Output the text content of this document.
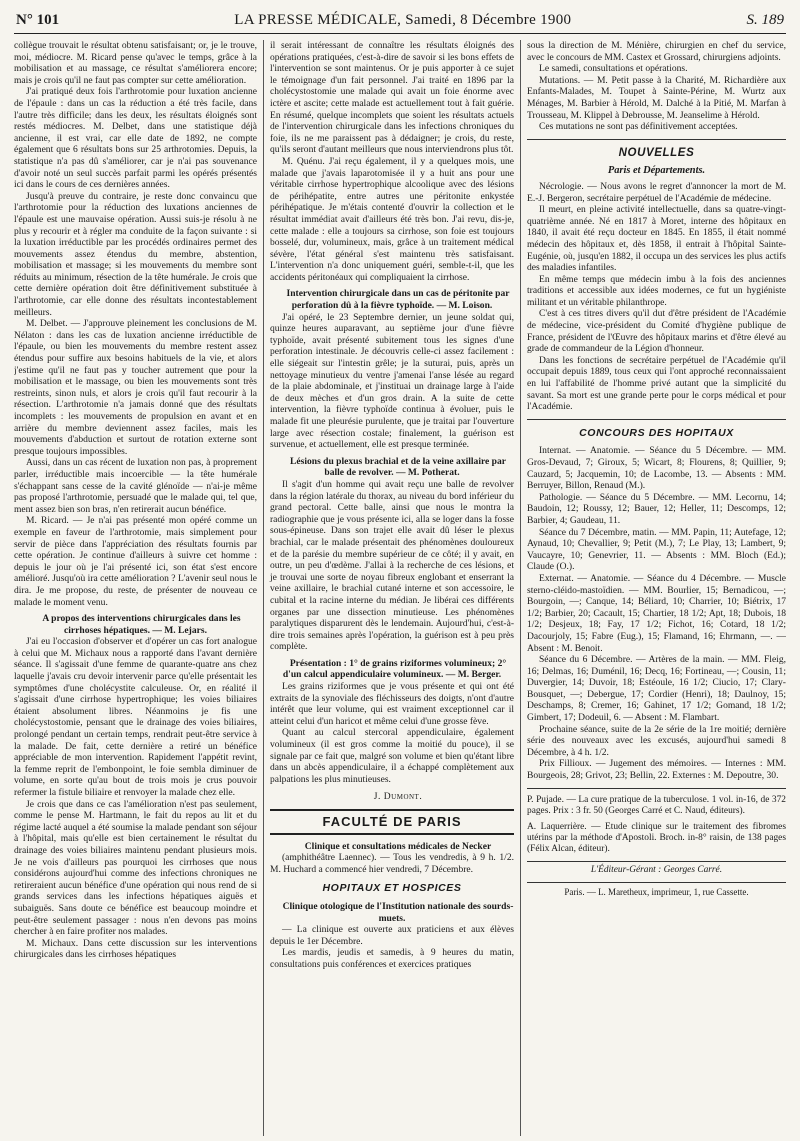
N° 101	LA PRESSE MÉDICALE, Samedi, 8 Décembre 1900	S. 189

collègue trouvait le résultat obtenu satisfaisant; or, je le trouve, moi, médiocre. M. Ricard pense qu'avec le temps, grâce à la mobilisation et au massage, ce résultat s'améliorera encore; mais je crois qu'il ne faut pas compter sur cette amélioration.

J'ai pratiqué deux fois l'arthrotomie pour luxation ancienne de l'épaule : dans un cas la réduction a été très facile, dans l'autre très difficile; dans les deux, les résultats éloignés sont restés médiocres. M. Delbet, dans une statistique déjà ancienne, il est vrai, car elle date de 1892, ne compte également que 6 résultats bons sur 25 arthrotomies. Depuis, la statistique n'a pas dû s'améliorer, car je n'ai pas souvenance d'avoir noté un seul succès parfait parmi les opérés présentés ici dans le cours de ces dernières années.

Jusqu'à preuve du contraire, je reste donc convaincu que l'arthrotomie pour la réduction des luxations anciennes de l'épaule est une mauvaise opération. Aussi suis-je résolu à ne plus y recourir et à régler ma conduite de la façon suivante : si la luxation irréductible par les procédés ordinaires permet des mouvements assez étendus du membre, abstention, mobilisation et massage; si les mouvements du membre sont réduits au minimum, résection de la tête humérale. Je crois que cette dernière opération doit être définitivement substituée à l'arthrotomie, car elle donne des résultats incontestablement meilleurs.

M. Delbet. — J'approuve pleinement les conclusions de M. Nélaton : dans les cas de luxation ancienne irréductible de l'épaule, ou bien les mouvements du membre restent assez étendus pour suffire aux besoins habituels de la vie, et alors j'estime qu'il ne faut pas y toucher autrement que pour la mobilisation et le massage, ou bien les mouvements sont très restreints, sinon nuls, et alors je crois qu'il faut recourir à la résection. L'arthrotomie n'a jamais donné que des résultats incomplets : les mouvements de propulsion en avant et en arrière du membre deviennent assez faciles, mais les mouvements d'abduction et surtout de rotation externe sont presque toujours impossibles.

Aussi, dans un cas récent de luxation non pas, à proprement parler, irréductible mais incoercible — la tête humérale s'échappant sans cesse de la cavité glénoïde — n'ai-je même pas proposé l'arthrotomie, persuadé que le malade qui, tel que, ment assez bien son bras, n'en retirerait aucun bénéfice.

M. Ricard. — Je n'ai pas présenté mon opéré comme un exemple en faveur de l'arthrotomie, mais simplement pour servir de pièce dans l'appréciation des résultats fournis par cette opération. Je continue d'ailleurs à suivre cet homme : depuis le jour où je l'ai présenté ici, son état s'est encore amélioré. Jusqu'où ira cette amélioration ? L'avenir seul nous le dira. Je me propose, du reste, de présenter de nouveau ce malade le moment venu.

A propos des interventions chirurgicales dans les cirrhoses hépatiques. — M. Lejars.

J'ai eu l'occasion d'observer et d'opérer un cas fort analogue à celui que M. Michaux nous a rapporté dans l'avant dernière séance. Il s'agissait d'une femme de quarante-quatre ans chez laquelle j'avais cru devoir intervenir parce qu'elle présentait les symptômes d'une cholécystite calculeuse. Or, en réalité il s'agissait d'une cirrhose hypertrophique; les voies biliaires étaient absolument libres. Néanmoins je fis une cholécystostomie, pensant que le drainage des voies biliaires, prolongé pendant un certain temps, rendrait peut-être service à la malade. De fait, cette dernière a retiré un bénéfice appréciable de mon intervention. Rapidement l'appétit revint, la femme reprit de l'embonpoint, le foie sembla diminuer de volume, en sorte qu'au bout de trois mois je crus pouvoir refermer la fistule biliaire et renvoyer la malade chez elle.

Je crois que dans ce cas l'amélioration n'est pas seulement, comme le pense M. Hartmann, le fait du repos au lit et du régime lacté auquel a été soumise la malade pendant son séjour à l'hôpital, mais qu'elle est bien certainement le résultat du drainage des voies biliaires maintenu pendant plusieurs mois. Je ne vois d'ailleurs pas pourquoi les cirrhoses que nous considérons aujourd'hui comme des infections chroniques ne retireraient aucun bénéfice d'une opération qui nous rend de si grands services dans les infections hépatiques aiguës et subaiguës. Sans doute ce bénéfice est beaucoup moindre et peut-être seulement passager : nous n'en devons pas moins chercher à en faire profiter nos malades.

M. Michaux. Dans cette discussion sur les interventions chirurgicales dans les cirrhoses hépatiques

il serait intéressant de connaître les résultats éloignés des opérations pratiquées, c'est-à-dire de savoir si les bons effets de l'intervention se sont maintenus. Or je puis apporter à ce sujet le témoignage d'un fait personnel. J'ai traité en 1896 par la cholécystostomie une malade qui avait un foie énorme avec ictère et ascite; cette malade est actuellement tout à fait guérie. En résumé, quelque incomplets que soient les résultats actuels de l'intervention chirurgicale dans les infections chroniques du foie, ils ne me paraissent pas à dédaigner; je crois, du reste, qu'ils seront d'autant meilleurs que nous interviendrons plus tôt.

M. Quénu. J'ai reçu également, il y a quelques mois, une malade que j'avais laparotomisée il y a huit ans pour une véritable cirrhose hypertrophique alcoolique avec des lésions de périhépatite, entre autres une péritonite enkystée périhépatique. Je m'étais contenté d'ouvrir la collection et le résultat immédiat avait d'ailleurs été très bon. J'ai revu, dis-je, cette malade : elle a toujours sa cirrhose, son foie est toujours bosselé, dur, volumineux, mais, grâce à un traitement médical sévère, l'état général s'est maintenu très satisfaisant. L'intervention n'a donc uniquement guéri, semble-t-il, que les accidents péritonéaux qui compliquaient la cirrhose.

Intervention chirurgicale dans un cas de péritonite par perforation dû à la fièvre typhoïde. — M. Loison.

J'ai opéré, le 23 Septembre dernier, un jeune soldat qui, quinze heures auparavant, au septième jour d'une fièvre typhoïde, avait présenté subitement tous les signes d'une perforation intestinale. Je découvris celle-ci assez facilement : elle siégeait sur l'intestin grêle; je la suturai, puis, après un nettoyage minutieux du ventre j'amenai l'anse lésée au regard de la plaie abdominale, et j'instituai un drainage large à l'aide de deux mèches et d'un gros drain. A la suite de cette intervention, la fièvre typhoïde continua à évoluer, puis le malade fit une pleurésie purulente, que je traitai par l'ouverture large avec résection costale; finalement, la guérison est survenue, et actuellement, elle est presque terminée.

Lésions du plexus brachial et de la veine axillaire par balle de revolver. — M. Potherat.

Il s'agit d'un homme qui avait reçu une balle de revolver dans la région latérale du thorax, au niveau du bord inférieur du grand pectoral. Cette balle, ainsi que nous le montra la radiographie que je vous présente ici, alla se loger dans la fosse sous-épineuse. Dans son trajet elle avait dû léser le plexus brachial, car le malade présentait des phénomènes douloureux et de la parésie du membre supérieur de ce côté; il y avait, en outre, un peu d'œdème. J'allai à la recherche de ces lésions, et je trouvai une sorte de noyau fibreux englobant et enserrant la veine axillaire, le brachial cutané interne et son accessoire, le cubital et la racine interne du médian. Je libérai ces différents organes par une dissection minutieuse. Les phénomènes paralytiques disparurent dès le lendemain. Aujourd'hui, c'est-à-dire trois semaines après l'opération, la guérison est à peu près complète.

Présentation : 1° de grains riziformes volumineux; 2° d'un calcul appendiculaire volumineux. — M. Berger.

Les grains riziformes que je vous présente et qui ont été extraits de la synoviale des fléchisseurs des doigts, n'ont d'autre intérêt que leur volume, qui est vraiment exceptionnel car il atteint celui d'un haricot et même celui d'une grosse fève.

Quant au calcul stercoral appendiculaire, également volumineux (il est gros comme la moitié du pouce), il se signale par ce fait que, malgré son volume et bien qu'étant libre dans un abcès appendiculaire, il a échappé complètement aux palpations les plus minutieuses.

J. Dumont.

FACULTÉ DE PARIS

Clinique et consultations médicales de Necker

(amphithéâtre Laennec). — Tous les vendredis, à 9 h. 1/2. M. Huchard a commencé hier vendredi, 7 Décembre.

HOPITAUX ET HOSPICES

Clinique otologique de l'Institution nationale des sourds-muets.

— La clinique est ouverte aux praticiens et aux élèves depuis le 1er Décembre.

Les mardis, jeudis et samedis, à 9 heures du matin, consultations puis conférences et exercices pratiques

sous la direction de M. Ménière, chirurgien en chef du service, avec le concours de MM. Castex et Grossard, chirurgiens adjoints.

Le samedi, consultations et opérations.

Mutations. — M. Petit passe à la Charité, M. Richardière aux Enfants-Malades, M. Toupet à Sainte-Périne, M. Wurtz aux Ménages, M. Barbier à Hérold, M. Dalché à la Pitié, M. Marfan à Trousseau, M. Klippel à Debrousse, M. Jeanselime à Hérold.

Ces mutations ne sont pas définitivement acceptées.

NOUVELLES
Paris et Départements.

Nécrologie. — Nous avons le regret d'annoncer la mort de M. E.-J. Bergeron, secrétaire perpétuel de l'Académie de médecine.

Il meurt, en pleine activité intellectuelle, dans sa quatre-vingt-quatrième année. Né en 1817 à Moret, interne des hôpitaux en 1840, il avait été reçu docteur en 1845. En 1855, il était nommé médecin des hôpitaux et, dès 1858, il entrait à l'hôpital Sainte-Eugénie, où, jusqu'en 1882, il occupa un des services les plus actifs des maladies infantiles.

En même temps que médecin imbu à la fois des anciennes traditions et accessible aux idées modernes, ce fut un hygiéniste militant et un véritable philanthrope.

C'est à ces titres divers qu'il dut d'être président de l'Académie de médecine, vice-président du Comité d'hygiène publique de France, président de l'Œuvre des hôpitaux marins et d'être élevé au grade de commandeur de la Légion d'honneur.

Dans les fonctions de secrétaire perpétuel de l'Académie qu'il occupait depuis 1889, tous ceux qui l'ont approché reconnaissaient en lui l'affabilité de l'homme privé autant que la simplicité du savant. Sa mort est une grande perte pour le corps médical et pour l'Académie.

CONCOURS DES HOPITAUX

Internat. — Anatomie. — Séance du 5 Décembre. — MM. Gros-Devaud, 7; Giroux, 5; Wicart, 8; Flourens, 8; Quillier, 9; Cauzard, 5; Jacquemin, 10; de Lacombe, 13. — Absents : MM. Berruyer, Billon, Renaud (M.).

Pathologie. — Séance du 5 Décembre. — MM. Lecornu, 14; Baudoin, 12; Roussy, 12; Bauer, 12; Heller, 11; Descomps, 12; Barbier, 4; Gaudeau, 11.

Séance du 7 Décembre, matin. — MM. Papin, 11; Autefage, 12; Aynaud, 10; Chevallier, 9; Petit (M.), 7; Le Play, 13; Lambert, 9; Vaucayre, 10; Genevrier, 11. — Absents : MM. Bloch (Ed.); Claude (O.).

Externat. — Anatomie. — Séance du 4 Décembre. — Muscle sterno-cléido-mastoïdien. — MM. Bourlier, 15; Bernadicou, —; Bourgoin, —; Canque, 14; Béliard, 10; Charrier, 10; Biétrix, 17 1/2; Barbier, 20; Cacault, 15; Chartier, 18 1/2; Apt, 18; Dubois, 18 1/2; Desjeux, 18; Fay, 17 1/2; Fichot, 16; Cotard, 18 1/2; Dacourjoly, 15; Fabre (Eug.), 15; Flamand, 16; Ehrmann, —. — Absent : M. Benoit.

Séance du 6 Décembre. — Artères de la main. — MM. Fleig, 16; Delmas, 16; Duménil, 16; Decq, 16; Fortineau, —; Cousin, 11; Duvergier, 14; Duvoir, 18; Estéoule, 16 1/2; Ciucio, 17; Clary-Bousquet, —; Debergue, 17; Cordier (Henri), 18; Daulnoy, 15; Deschamps, 8; Cremer, 16; Gahinet, 17 1/2; Gomand, 18 1/2; Gimbert, 17; Dodeuil, 6. — Absent : M. Flambart.

Prochaine séance, suite de la 2e série de la 1re moitié; dernière série des nouveaux avec les excusés, aujourd'hui samedi 8 Décembre, à 4 h. 1/2.

Prix Fillioux. — Jugement des mémoires. — Internes : MM. Bourgeois, 28; Grivot, 23; Bellin, 22. Externes : M. Depoutre, 30.

P. Pujade. — La cure pratique de la tuberculose. 1 vol. in-16, de 372 pages. Prix : 3 fr. 50 (Georges Carré et C. Naud, éditeurs).

A. Laquerrière. — Etude clinique sur le traitement des fibromes utérins par la méthode d'Apostoli. Broch. in-8° raisin, de 138 pages (Félix Alcan, éditeur).

L'Éditeur-Gérant : Georges Carré.
Paris. — L. Maretheux, imprimeur, 1, rue Cassette.
